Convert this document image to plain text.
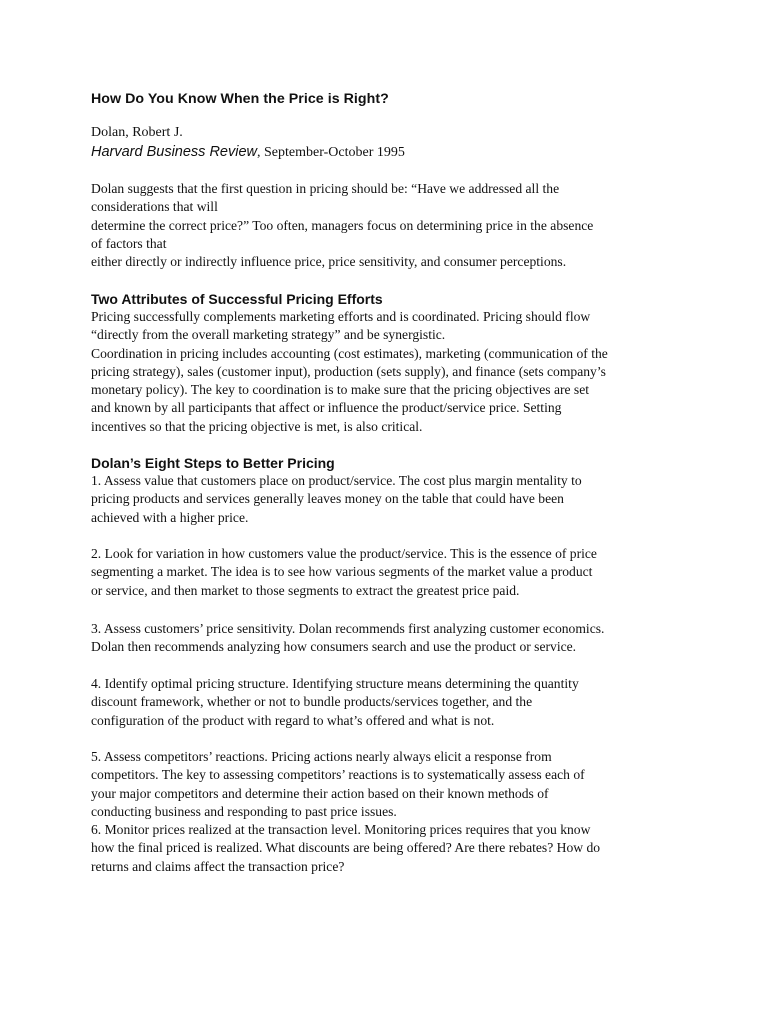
How Do You Know When the Price is Right?

Dolan, Robert J.

Harvard Business Review, September-October 1995

Dolan suggests that the first question in pricing should be: “Have we addressed all the
considerations that will
determine the correct price?” Too often, managers focus on determining price in the absence
of factors that
either directly or indirectly influence price, price sensitivity, and consumer perceptions.
Two Attributes of Successful Pricing Efforts
Pricing successfully complements marketing efforts and is coordinated. Pricing should flow
“directly from the overall marketing strategy” and be synergistic.
Coordination in pricing includes accounting (cost estimates), marketing (communication of the
pricing strategy), sales (customer input), production (sets supply), and finance (sets company’s
monetary policy). The key to coordination is to make sure that the pricing objectives are set
and known by all participants that affect or influence the product/service price. Setting
incentives so that the pricing objective is met, is also critical.
Dolan’s Eight Steps to Better Pricing
1. Assess value that customers place on product/service. The cost plus margin mentality to
pricing products and services generally leaves money on the table that could have been
achieved with a higher price.
2. Look for variation in how customers value the product/service. This is the essence of price
segmenting a market. The idea is to see how various segments of the market value a product
or service, and then market to those segments to extract the greatest price paid.
3. Assess customers’ price sensitivity. Dolan recommends first analyzing customer economics.
Dolan then recommends analyzing how consumers search and use the product or service.
4. Identify optimal pricing structure. Identifying structure means determining the quantity
discount framework, whether or not to bundle products/services together, and the
configuration of the product with regard to what’s offered and what is not.
5. Assess competitors’ reactions. Pricing actions nearly always elicit a response from
competitors. The key to assessing competitors’ reactions is to systematically assess each of
your major competitors and determine their action based on their known methods of
conducting business and responding to past price issues.
6. Monitor prices realized at the transaction level. Monitoring prices requires that you know
how the final priced is realized. What discounts are being offered? Are there rebates? How do
returns and claims affect the transaction price?
